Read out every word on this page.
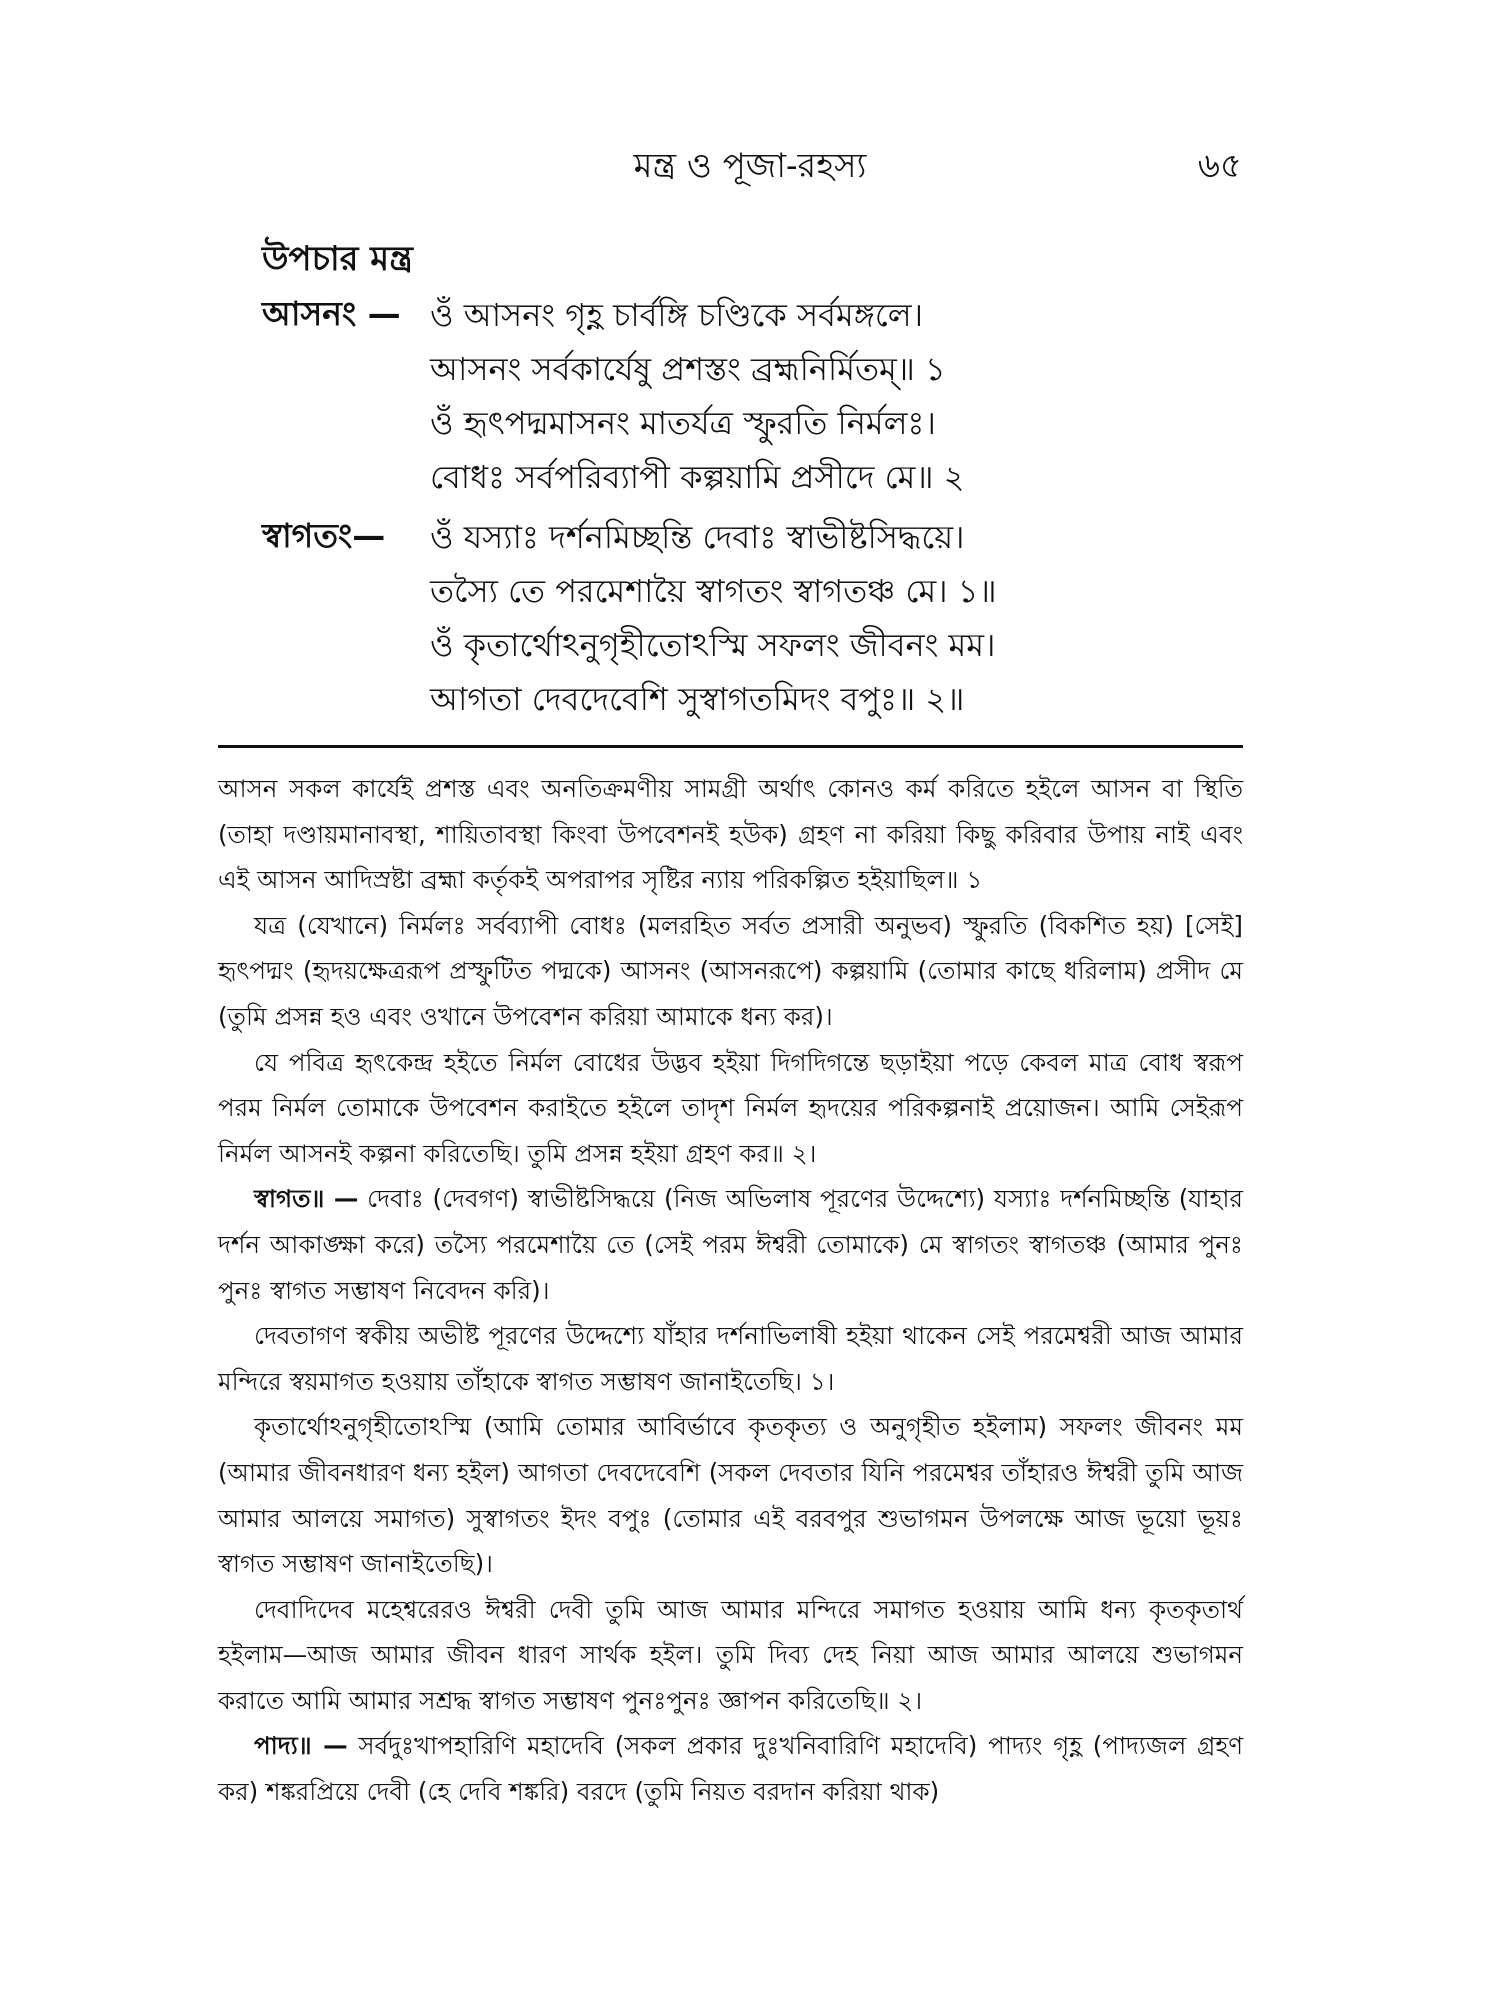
মন্ত্র ও পূজা-রহস্য	৬৫
উপচার মন্ত্র
আসনং — ওঁ আসনং গৃহ্ণ চার্বঙ্গি চণ্ডিকে সর্বমঙ্গলে।
আসনং সর্বকার্যেষু প্রশস্তং ব্রহ্মনির্মিতম্॥ ১
ওঁ হৃৎপদ্মমাসনং মাতর্যত্র স্ফুরতি নির্মলঃ।
বোধঃ সর্বপরিব্যাপী কল্পয়ামি প্রসীদে মে॥ ২
স্বাগতং— ওঁ যস্যাঃ দর্শনমিচ্ছন্তি দেবাঃ স্বাভীষ্টসিদ্ধয়ে।
তস্যৈ তে পরমেশায়ৈ স্বাগতং স্বাগতঞ্চ মে। ১॥
ওঁ কৃতার্থোঽনুগৃহীতোঽস্মি সফলং জীবনং মম।
আগতা দেবদেবেশি সুস্বাগতমিদং বপুঃ॥ ২॥

আসন সকল কার্যেই প্রশস্ত এবং অনতিক্রমণীয় সামগ্রী অর্থাৎ কোনও কর্ম করিতে হইলে আসন বা স্থিতি (তাহা দণ্ডায়মানাবস্থা, শায়িতাবস্থা কিংবা উপবেশনই হউক) গ্রহণ না করিয়া কিছু করিবার উপায় নাই এবং এই আসন আদিস্রষ্টা ব্রহ্মা কর্তৃকই অপরাপর সৃষ্টির ন্যায় পরিকল্পিত হইয়াছিল॥ ১

যত্র (যেখানে) নির্মলঃ সর্বব্যাপী বোধঃ (মলরহিত সর্বত প্রসারী অনুভব) স্ফুরতি (বিকশিত হয়) [সেই] হৃৎপদ্মং (হৃদয়ক্ষেত্ররূপ প্রস্ফুটিত পদ্মকে) আসনং (আসনরূপে) কল্পয়ামি (তোমার কাছে ধরিলাম) প্রসীদ মে (তুমি প্রসন্ন হও এবং ওখানে উপবেশন করিয়া আমাকে ধন্য কর)।

যে পবিত্র হৃৎকেন্দ্র হইতে নির্মল বোধের উদ্ভব হইয়া দিগদিগন্তে ছড়াইয়া পড়ে কেবল মাত্র বোধ স্বরূপ পরম নির্মল তোমাকে উপবেশন করাইতে হইলে তাদৃশ নির্মল হৃদয়ের পরিকল্পনাই প্রয়োজন। আমি সেইরূপ নির্মল আসনই কল্পনা করিতেছি। তুমি প্রসন্ন হইয়া গ্রহণ কর॥ ২।

স্বাগত॥ — দেবাঃ (দেবগণ) স্বাভীষ্টসিদ্ধয়ে (নিজ অভিলাষ পূরণের উদ্দেশ্যে) যস্যাঃ দর্শনমিচ্ছন্তি (যাহার দর্শন আকাঙ্ক্ষা করে) তস্যৈ পরমেশায়ৈ তে (সেই পরম ঈশ্বরী তোমাকে) মে স্বাগতং স্বাগতঞ্চ (আমার পুনঃ পুনঃ স্বাগত সম্ভাষণ নিবেদন করি)।

দেবতাগণ স্বকীয় অভীষ্ট পূরণের উদ্দেশ্যে যাঁহার দর্শনাভিলাষী হইয়া থাকেন সেই পরমেশ্বরী আজ আমার মন্দিরে স্বয়মাগত হওয়ায় তাঁহাকে স্বাগত সম্ভাষণ জানাইতেছি। ১।

কৃতার্থোঽনুগৃহীতোঽস্মি (আমি তোমার আবির্ভাবে কৃতকৃত্য ও অনুগৃহীত হইলাম) সফলং জীবনং মম (আমার জীবনধারণ ধন্য হইল) আগতা দেবদেবেশি (সকল দেবতার যিনি পরমেশ্বর তাঁহারও ঈশ্বরী তুমি আজ আমার আলয়ে সমাগত) সুস্বাগতং ইদং বপুঃ (তোমার এই বরবপুর শুভাগমন উপলক্ষে আজ ভূয়ো ভূয়ঃ স্বাগত সম্ভাষণ জানাইতেছি)।

দেবাদিদেব মহেশ্বরেরও ঈশ্বরী দেবী তুমি আজ আমার মন্দিরে সমাগত হওয়ায় আমি ধন্য কৃতকৃতার্থ হইলাম—আজ আমার জীবন ধারণ সার্থক হইল। তুমি দিব্য দেহ নিয়া আজ আমার আলয়ে শুভাগমন করাতে আমি আমার সশ্রদ্ধ স্বাগত সম্ভাষণ পুনঃপুনঃ জ্ঞাপন করিতেছি॥ ২।

পাদ্য॥ — সর্বদুঃখাপহারিণি মহাদেবি (সকল প্রকার দুঃখনিবারিণি মহাদেবি) পাদ্যং গৃহ্ণ (পাদ্যজল গ্রহণ কর) শঙ্করপ্রিয়ে দেবী (হে দেবি শঙ্করি) বরদে (তুমি নিয়ত বরদান করিয়া থাক)
